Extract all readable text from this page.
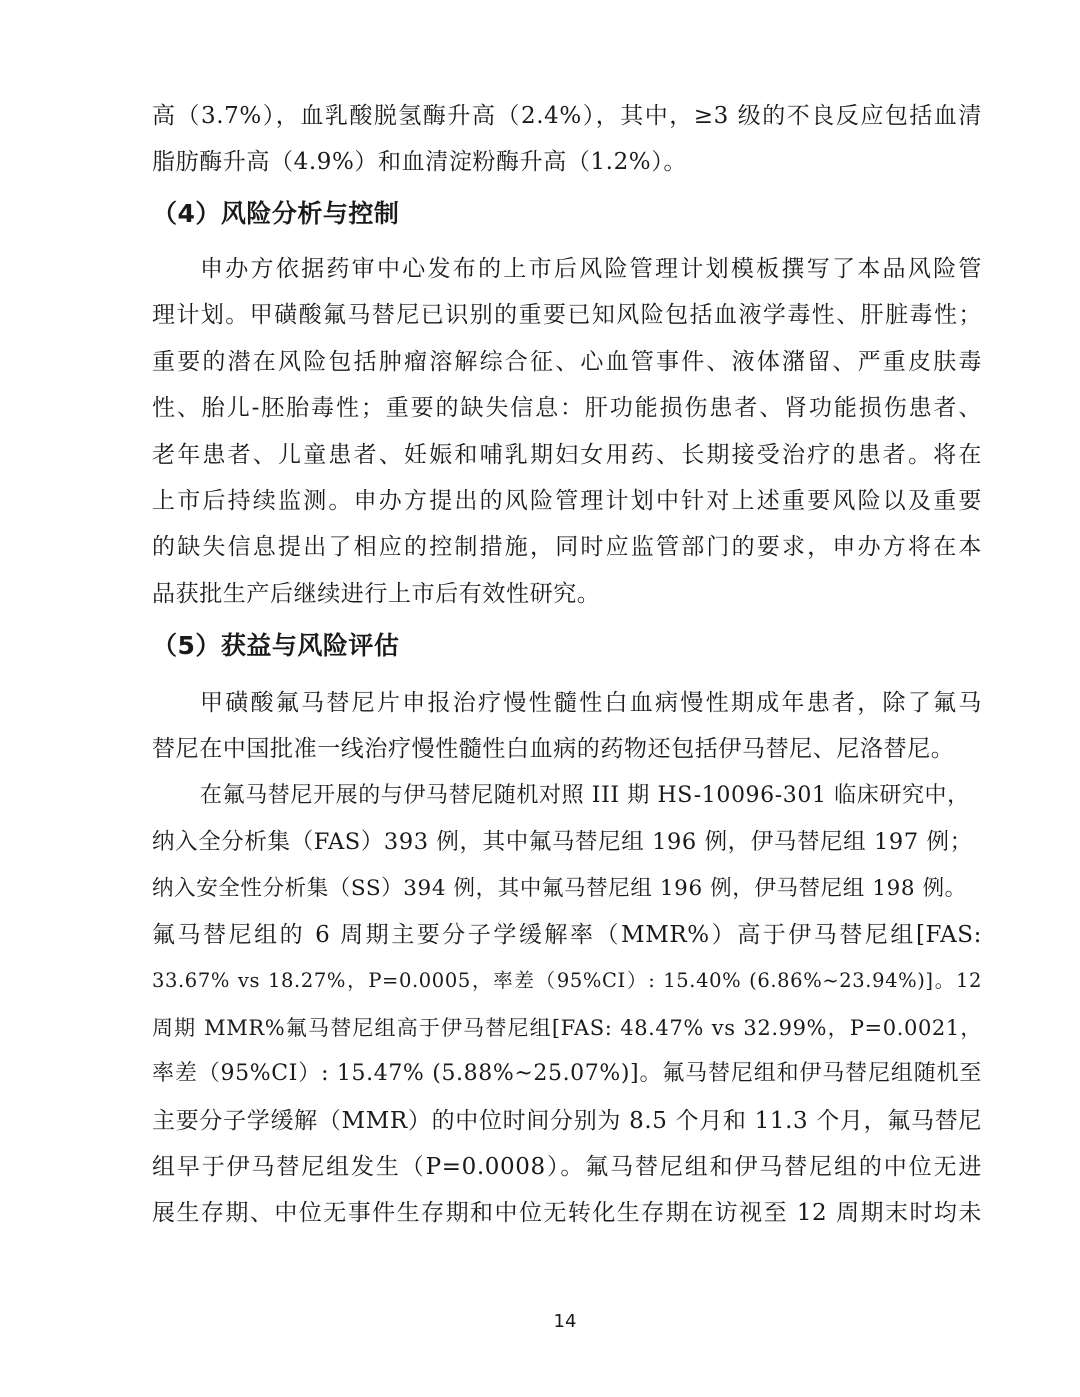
高（3.7%），血乳酸脱氢酶升高（2.4%），其中，≥3 级的不良反应包括血清
脂肪酶升高（4.9%）和血清淀粉酶升高（1.2%）。
（4）风险分析与控制
申办方依据药审中心发布的上市后风险管理计划模板撰写了本品风险管
理计划。甲磺酸氟马替尼已识别的重要已知风险包括血液学毒性、肝脏毒性；
重要的潜在风险包括肿瘤溶解综合征、心血管事件、液体潴留、严重皮肤毒
性、胎儿-胚胎毒性；重要的缺失信息：肝功能损伤患者、肾功能损伤患者、
老年患者、儿童患者、妊娠和哺乳期妇女用药、长期接受治疗的患者。将在
上市后持续监测。申办方提出的风险管理计划中针对上述重要风险以及重要
的缺失信息提出了相应的控制措施，同时应监管部门的要求，申办方将在本
品获批生产后继续进行上市后有效性研究。
（5）获益与风险评估
甲磺酸氟马替尼片申报治疗慢性髓性白血病慢性期成年患者，除了氟马
替尼在中国批准一线治疗慢性髓性白血病的药物还包括伊马替尼、尼洛替尼。
在氟马替尼开展的与伊马替尼随机对照 III 期 HS-10096-301 临床研究中，
纳入全分析集（FAS）393 例，其中氟马替尼组 196 例，伊马替尼组 197 例；
纳入安全性分析集（SS）394 例，其中氟马替尼组 196 例，伊马替尼组 198 例。
氟马替尼组的 6 周期主要分子学缓解率（MMR%）高于伊马替尼组[FAS:
33.67% vs 18.27%，P=0.0005，率差（95%CI）: 15.40% (6.86%~23.94%)]。12
周期 MMR%氟马替尼组高于伊马替尼组[FAS: 48.47% vs 32.99%，P=0.0021，
率差（95%CI）: 15.47% (5.88%~25.07%)]。氟马替尼组和伊马替尼组随机至
主要分子学缓解（MMR）的中位时间分别为 8.5 个月和 11.3 个月，氟马替尼
组早于伊马替尼组发生（P=0.0008）。氟马替尼组和伊马替尼组的中位无进
展生存期、中位无事件生存期和中位无转化生存期在访视至 12 周期末时均未
14
